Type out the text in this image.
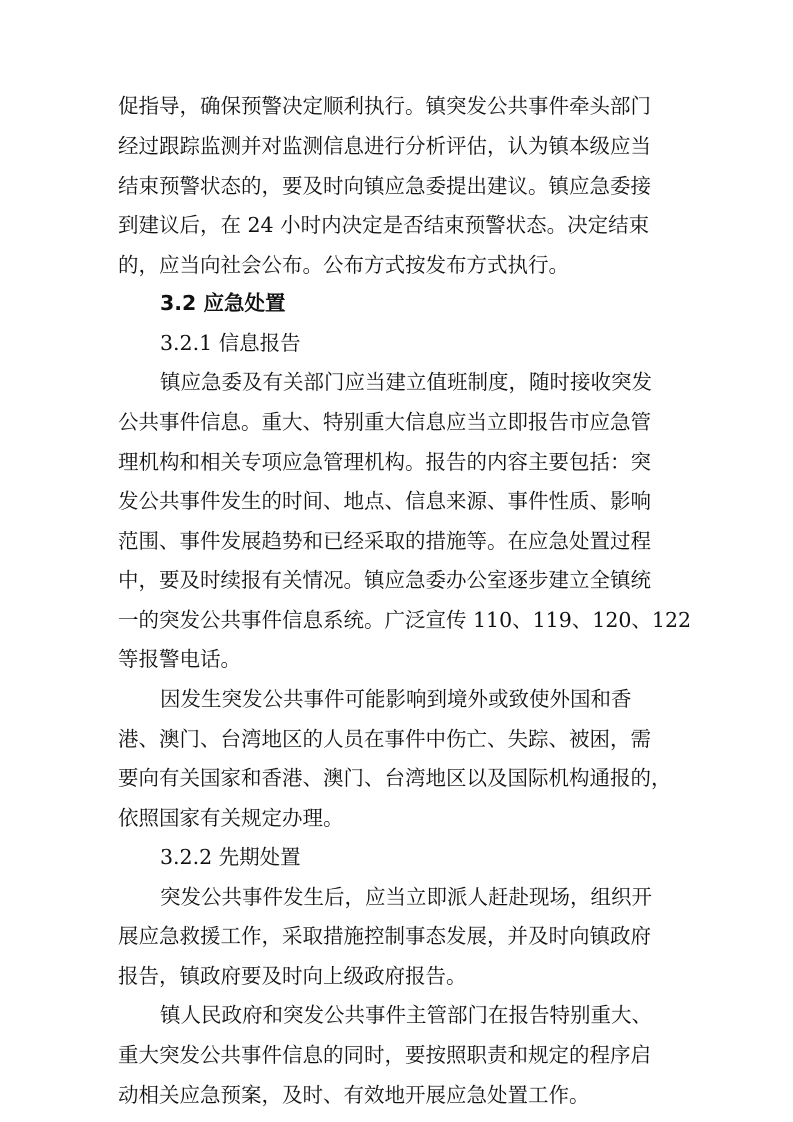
促指导，确保预警决定顺利执行。镇突发公共事件牵头部门

经过跟踪监测并对监测信息进行分析评估，认为镇本级应当

结束预警状态的，要及时向镇应急委提出建议。镇应急委接

到建议后，在 24 小时内决定是否结束预警状态。决定结束

的，应当向社会公布。公布方式按发布方式执行。

3.2 应急处置

3.2.1 信息报告

镇应急委及有关部门应当建立值班制度，随时接收突发

公共事件信息。重大、特别重大信息应当立即报告市应急管

理机构和相关专项应急管理机构。报告的内容主要包括：突

发公共事件发生的时间、地点、信息来源、事件性质、影响

范围、事件发展趋势和已经采取的措施等。在应急处置过程

中，要及时续报有关情况。镇应急委办公室逐步建立全镇统

一的突发公共事件信息系统。广泛宣传 110、119、120、122

等报警电话。

因发生突发公共事件可能影响到境外或致使外国和香

港、澳门、台湾地区的人员在事件中伤亡、失踪、被困，需

要向有关国家和香港、澳门、台湾地区以及国际机构通报的，

依照国家有关规定办理。

3.2.2 先期处置

突发公共事件发生后，应当立即派人赶赴现场，组织开

展应急救援工作，采取措施控制事态发展，并及时向镇政府

报告，镇政府要及时向上级政府报告。

镇人民政府和突发公共事件主管部门在报告特别重大、

重大突发公共事件信息的同时，要按照职责和规定的程序启

动相关应急预案，及时、有效地开展应急处置工作。
